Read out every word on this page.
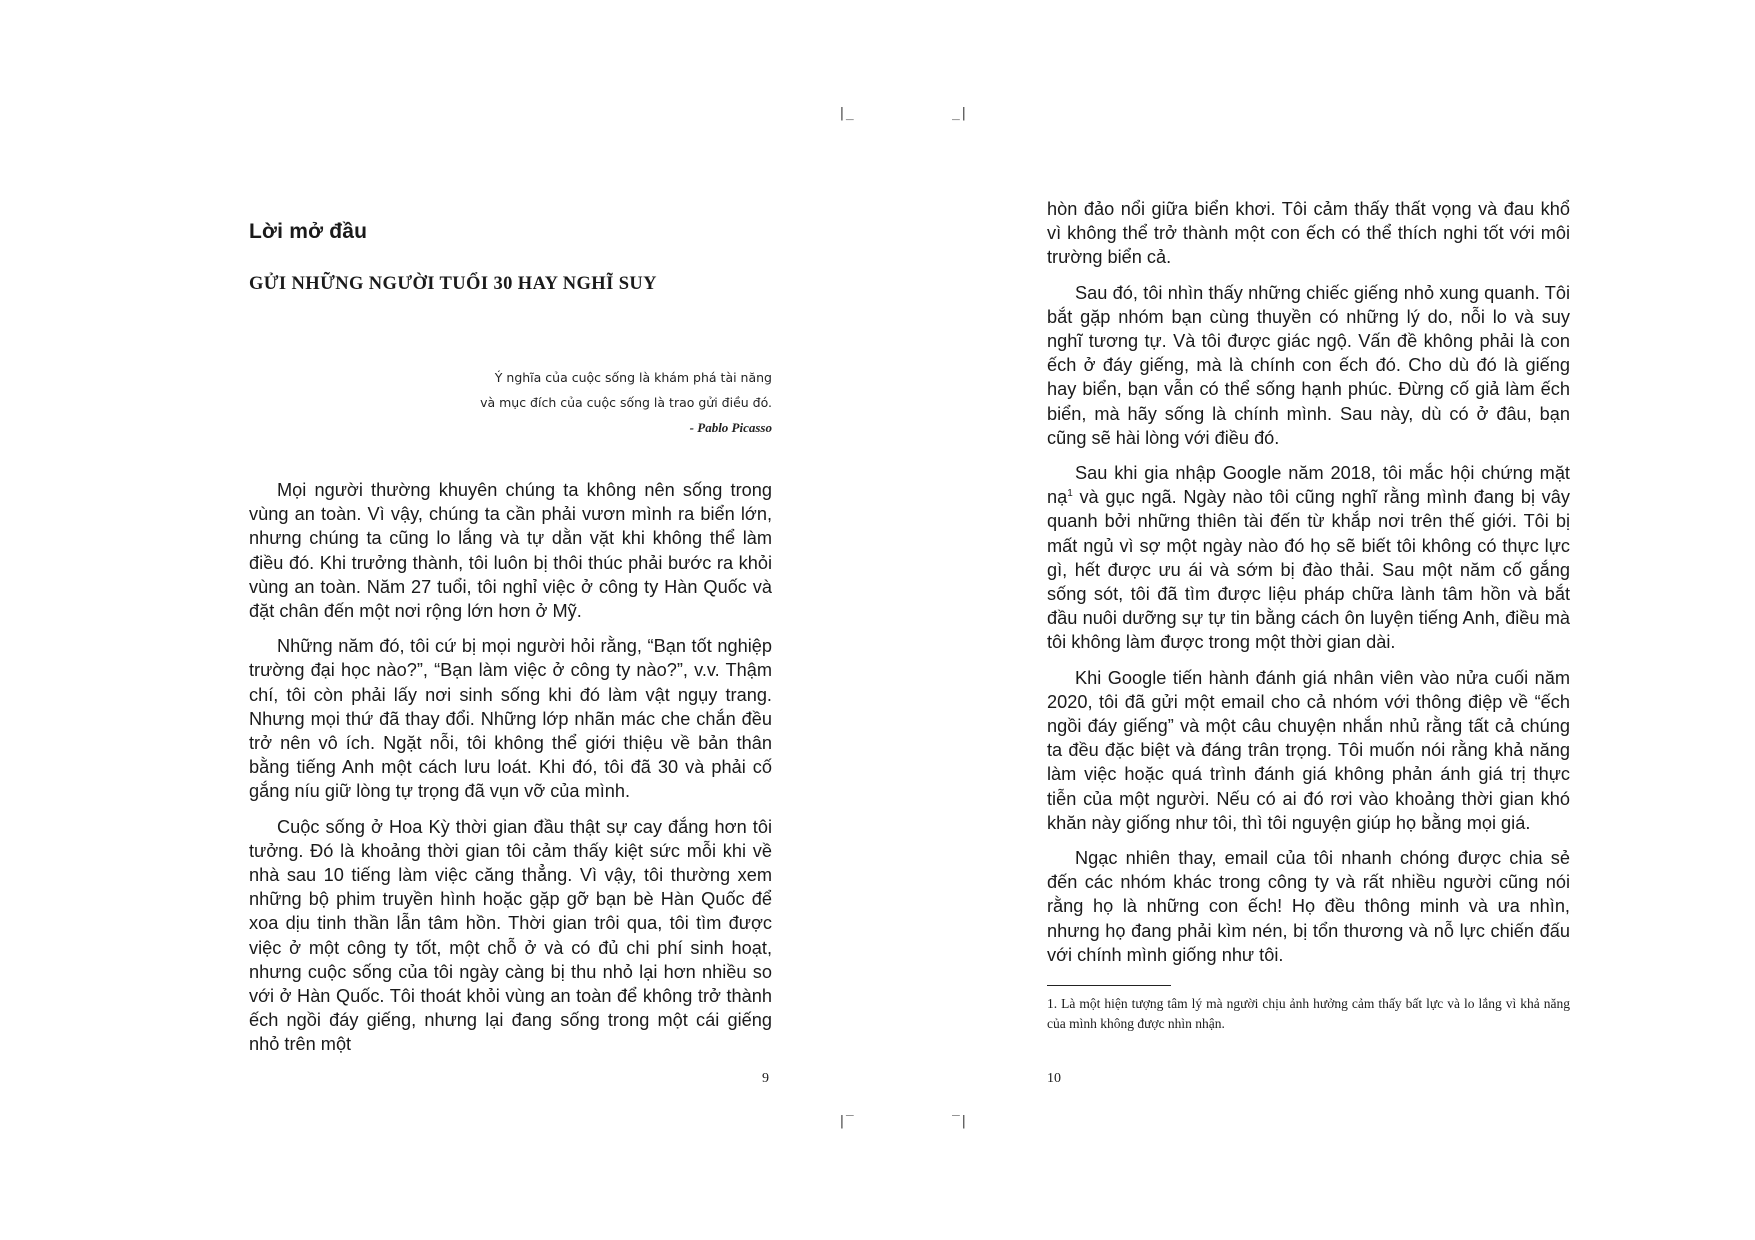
|_	_|
|‾	‾|
Lời mở đầu
GỬI NHỮNG NGƯỜI TUỔI 30 HAY NGHĨ SUY
Ý nghĩa của cuộc sống là khám phá tài năng
và mục đích của cuộc sống là trao gửi điều đó.
- Pablo Picasso

Mọi người thường khuyên chúng ta không nên sống trong vùng an toàn. Vì vậy, chúng ta cần phải vươn mình ra biển lớn, nhưng chúng ta cũng lo lắng và tự dằn vặt khi không thể làm điều đó. Khi trưởng thành, tôi luôn bị thôi thúc phải bước ra khỏi vùng an toàn. Năm 27 tuổi, tôi nghỉ việc ở công ty Hàn Quốc và đặt chân đến một nơi rộng lớn hơn ở Mỹ.

Những năm đó, tôi cứ bị mọi người hỏi rằng, “Bạn tốt nghiệp trường đại học nào?”, “Bạn làm việc ở công ty nào?”, v.v. Thậm chí, tôi còn phải lấy nơi sinh sống khi đó làm vật ngụy trang. Nhưng mọi thứ đã thay đổi. Những lớp nhãn mác che chắn đều trở nên vô ích. Ngặt nỗi, tôi không thể giới thiệu về bản thân bằng tiếng Anh một cách lưu loát. Khi đó, tôi đã 30 và phải cố gắng níu giữ lòng tự trọng đã vụn vỡ của mình.

Cuộc sống ở Hoa Kỳ thời gian đầu thật sự cay đắng hơn tôi tưởng. Đó là khoảng thời gian tôi cảm thấy kiệt sức mỗi khi về nhà sau 10 tiếng làm việc căng thẳng. Vì vậy, tôi thường xem những bộ phim truyền hình hoặc gặp gỡ bạn bè Hàn Quốc để xoa dịu tinh thần lẫn tâm hồn. Thời gian trôi qua, tôi tìm được việc ở một công ty tốt, một chỗ ở và có đủ chi phí sinh hoạt, nhưng cuộc sống của tôi ngày càng bị thu nhỏ lại hơn nhiều so với ở Hàn Quốc. Tôi thoát khỏi vùng an toàn để không trở thành ếch ngồi đáy giếng, nhưng lại đang sống trong một cái giếng nhỏ trên một

9

hòn đảo nổi giữa biển khơi. Tôi cảm thấy thất vọng và đau khổ vì không thể trở thành một con ếch có thể thích nghi tốt với môi trường biển cả.

Sau đó, tôi nhìn thấy những chiếc giếng nhỏ xung quanh. Tôi bắt gặp nhóm bạn cùng thuyền có những lý do, nỗi lo và suy nghĩ tương tự. Và tôi được giác ngộ. Vấn đề không phải là con ếch ở đáy giếng, mà là chính con ếch đó. Cho dù đó là giếng hay biển, bạn vẫn có thể sống hạnh phúc. Đừng cố giả làm ếch biển, mà hãy sống là chính mình. Sau này, dù có ở đâu, bạn cũng sẽ hài lòng với điều đó.

Sau khi gia nhập Google năm 2018, tôi mắc hội chứng mặt nạ$^1$ và gục ngã. Ngày nào tôi cũng nghĩ rằng mình đang bị vây quanh bởi những thiên tài đến từ khắp nơi trên thế giới. Tôi bị mất ngủ vì sợ một ngày nào đó họ sẽ biết tôi không có thực lực gì, hết được ưu ái và sớm bị đào thải. Sau một năm cố gắng sống sót, tôi đã tìm được liệu pháp chữa lành tâm hồn và bắt đầu nuôi dưỡng sự tự tin bằng cách ôn luyện tiếng Anh, điều mà tôi không làm được trong một thời gian dài.

Khi Google tiến hành đánh giá nhân viên vào nửa cuối năm 2020, tôi đã gửi một email cho cả nhóm với thông điệp về “ếch ngồi đáy giếng” và một câu chuyện nhắn nhủ rằng tất cả chúng ta đều đặc biệt và đáng trân trọng. Tôi muốn nói rằng khả năng làm việc hoặc quá trình đánh giá không phản ánh giá trị thực tiễn của một người. Nếu có ai đó rơi vào khoảng thời gian khó khăn này giống như tôi, thì tôi nguyện giúp họ bằng mọi giá.

Ngạc nhiên thay, email của tôi nhanh chóng được chia sẻ đến các nhóm khác trong công ty và rất nhiều người cũng nói rằng họ là những con ếch! Họ đều thông minh và ưa nhìn, nhưng họ đang phải kìm nén, bị tổn thương và nỗ lực chiến đấu với chính mình giống như tôi.

1. Là một hiện tượng tâm lý mà người chịu ảnh hưởng cảm thấy bất lực và lo lắng vì khả năng của mình không được nhìn nhận.
10
